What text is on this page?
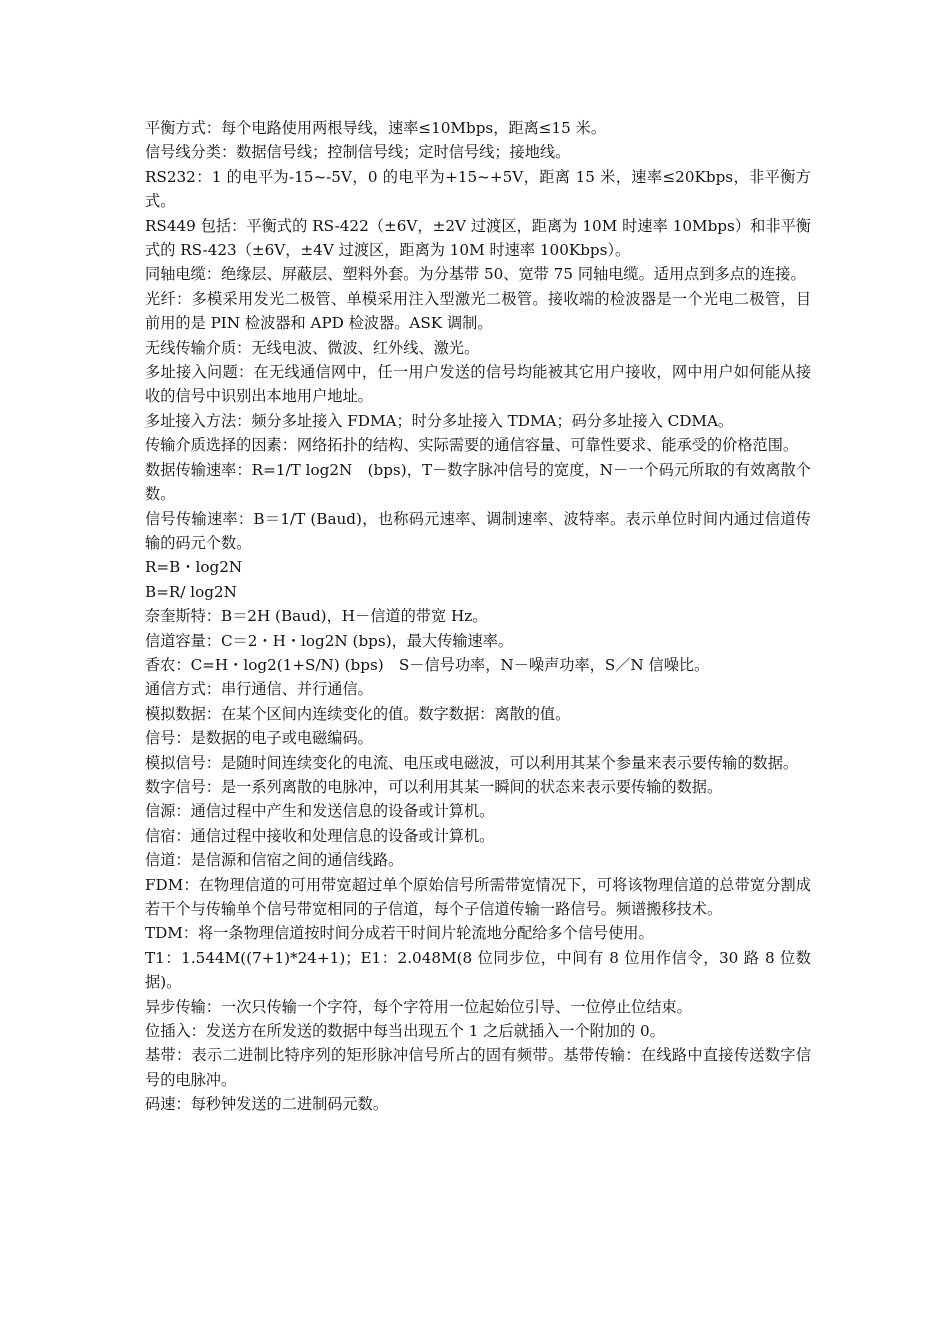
平衡方式：每个电路使用两根导线，速率≤10Mbps，距离≤15 米。

信号线分类：数据信号线；控制信号线；定时信号线；接地线。

RS232：1 的电平为-15~-5V，0 的电平为+15~+5V，距离 15 米，速率≤20Kbps，非平衡方式。

RS449 包括：平衡式的 RS-422（±6V，±2V 过渡区，距离为 10M 时速率 10Mbps）和非平衡式的 RS-423（±6V，±4V 过渡区，距离为 10M 时速率 100Kbps）。

同轴电缆：绝缘层、屏蔽层、塑料外套。为分基带 50、宽带 75 同轴电缆。适用点到多点的连接。

光纤：多模采用发光二极管、单模采用注入型激光二极管。接收端的检波器是一个光电二极管，目前用的是 PIN 检波器和 APD 检波器。ASK 调制。

无线传输介质：无线电波、微波、红外线、激光。

多址接入问题：在无线通信网中，任一用户发送的信号均能被其它用户接收，网中用户如何能从接收的信号中识别出本地用户地址。

多址接入方法：频分多址接入 FDMA；时分多址接入 TDMA；码分多址接入 CDMA。

传输介质选择的因素：网络拓扑的结构、实际需要的通信容量、可靠性要求、能承受的价格范围。

数据传输速率：R=1/T log2N　(bps)，T－数字脉冲信号的宽度，N－一个码元所取的有效离散个数。

信号传输速率：B＝1/T (Baud)，也称码元速率、调制速率、波特率。表示单位时间内通过信道传输的码元个数。

R=B・log2N

B=R/ log2N

奈奎斯特：B＝2H (Baud)，H－信道的带宽 Hz。

信道容量：C＝2・H・log2N (bps)，最大传输速率。

香农：C=H・log2(1+S/N) (bps)　S－信号功率，N－噪声功率，S／N 信噪比。

通信方式：串行通信、并行通信。

模拟数据：在某个区间内连续变化的值。数字数据：离散的值。

信号：是数据的电子或电磁编码。

模拟信号：是随时间连续变化的电流、电压或电磁波，可以利用其某个参量来表示要传输的数据。

数字信号：是一系列离散的电脉冲，可以利用其某一瞬间的状态来表示要传输的数据。

信源：通信过程中产生和发送信息的设备或计算机。

信宿：通信过程中接收和处理信息的设备或计算机。

信道：是信源和信宿之间的通信线路。

FDM：在物理信道的可用带宽超过单个原始信号所需带宽情况下，可将该物理信道的总带宽分割成若干个与传输单个信号带宽相同的子信道，每个子信道传输一路信号。频谱搬移技术。

TDM：将一条物理信道按时间分成若干时间片轮流地分配给多个信号使用。

T1：1.544M((7+1)*24+1)；E1：2.048M(8 位同步位，中间有 8 位用作信令，30 路 8 位数据)。

异步传输：一次只传输一个字符，每个字符用一位起始位引导、一位停止位结束。

位插入：发送方在所发送的数据中每当出现五个 1 之后就插入一个附加的 0。

基带：表示二进制比特序列的矩形脉冲信号所占的固有频带。基带传输：在线路中直接传送数字信号的电脉冲。

码速：每秒钟发送的二进制码元数。
